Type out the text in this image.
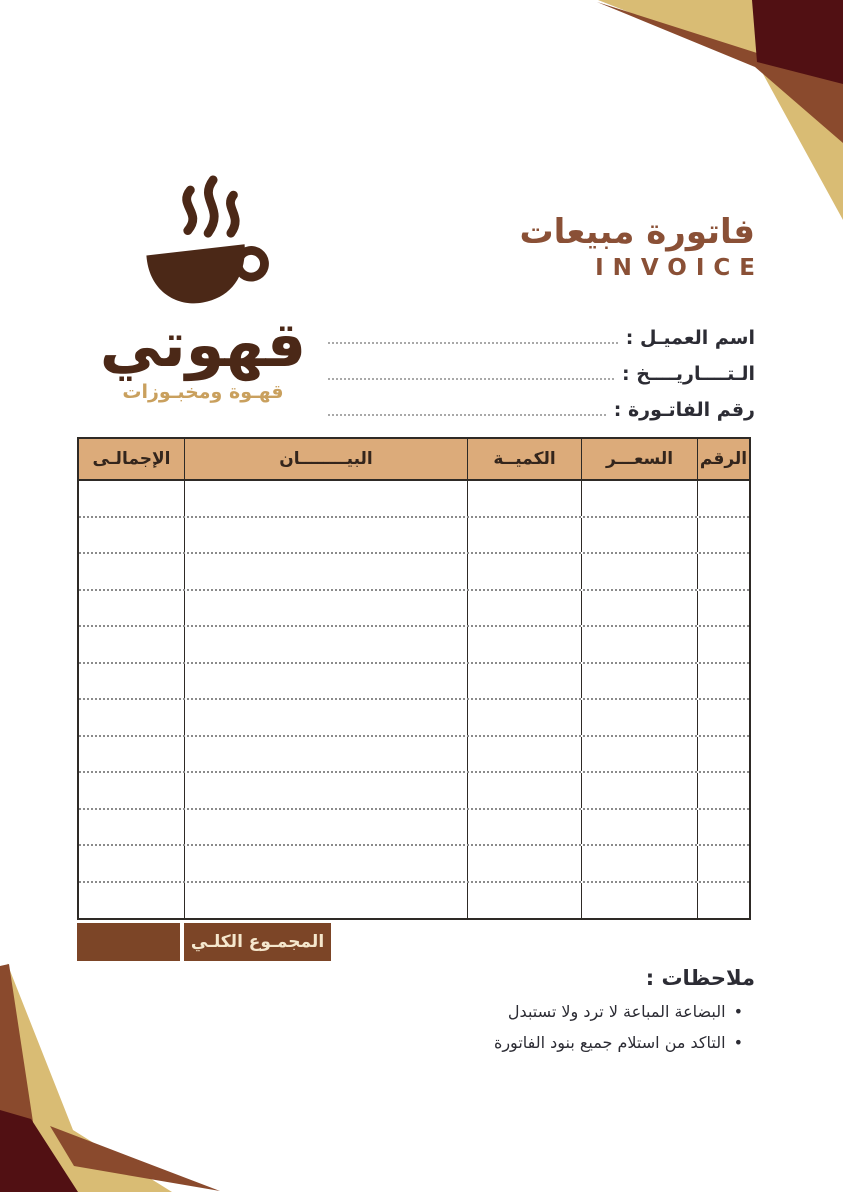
قهوتي
قهـوة ومخبـوزات
فاتورة مبيعات
INVOICE
اسم العميـل :
الـتــــاريــــخ :
رقم الفاتـورة :
الرقم
السعـــر
الكميــة
البيــــــــان
الإجمالـى
المجمـوع الكلـي
ملاحظات :
•
البضاعة المباعة لا ترد ولا تستبدل
•
التاكد من استلام جميع بنود الفاتورة
